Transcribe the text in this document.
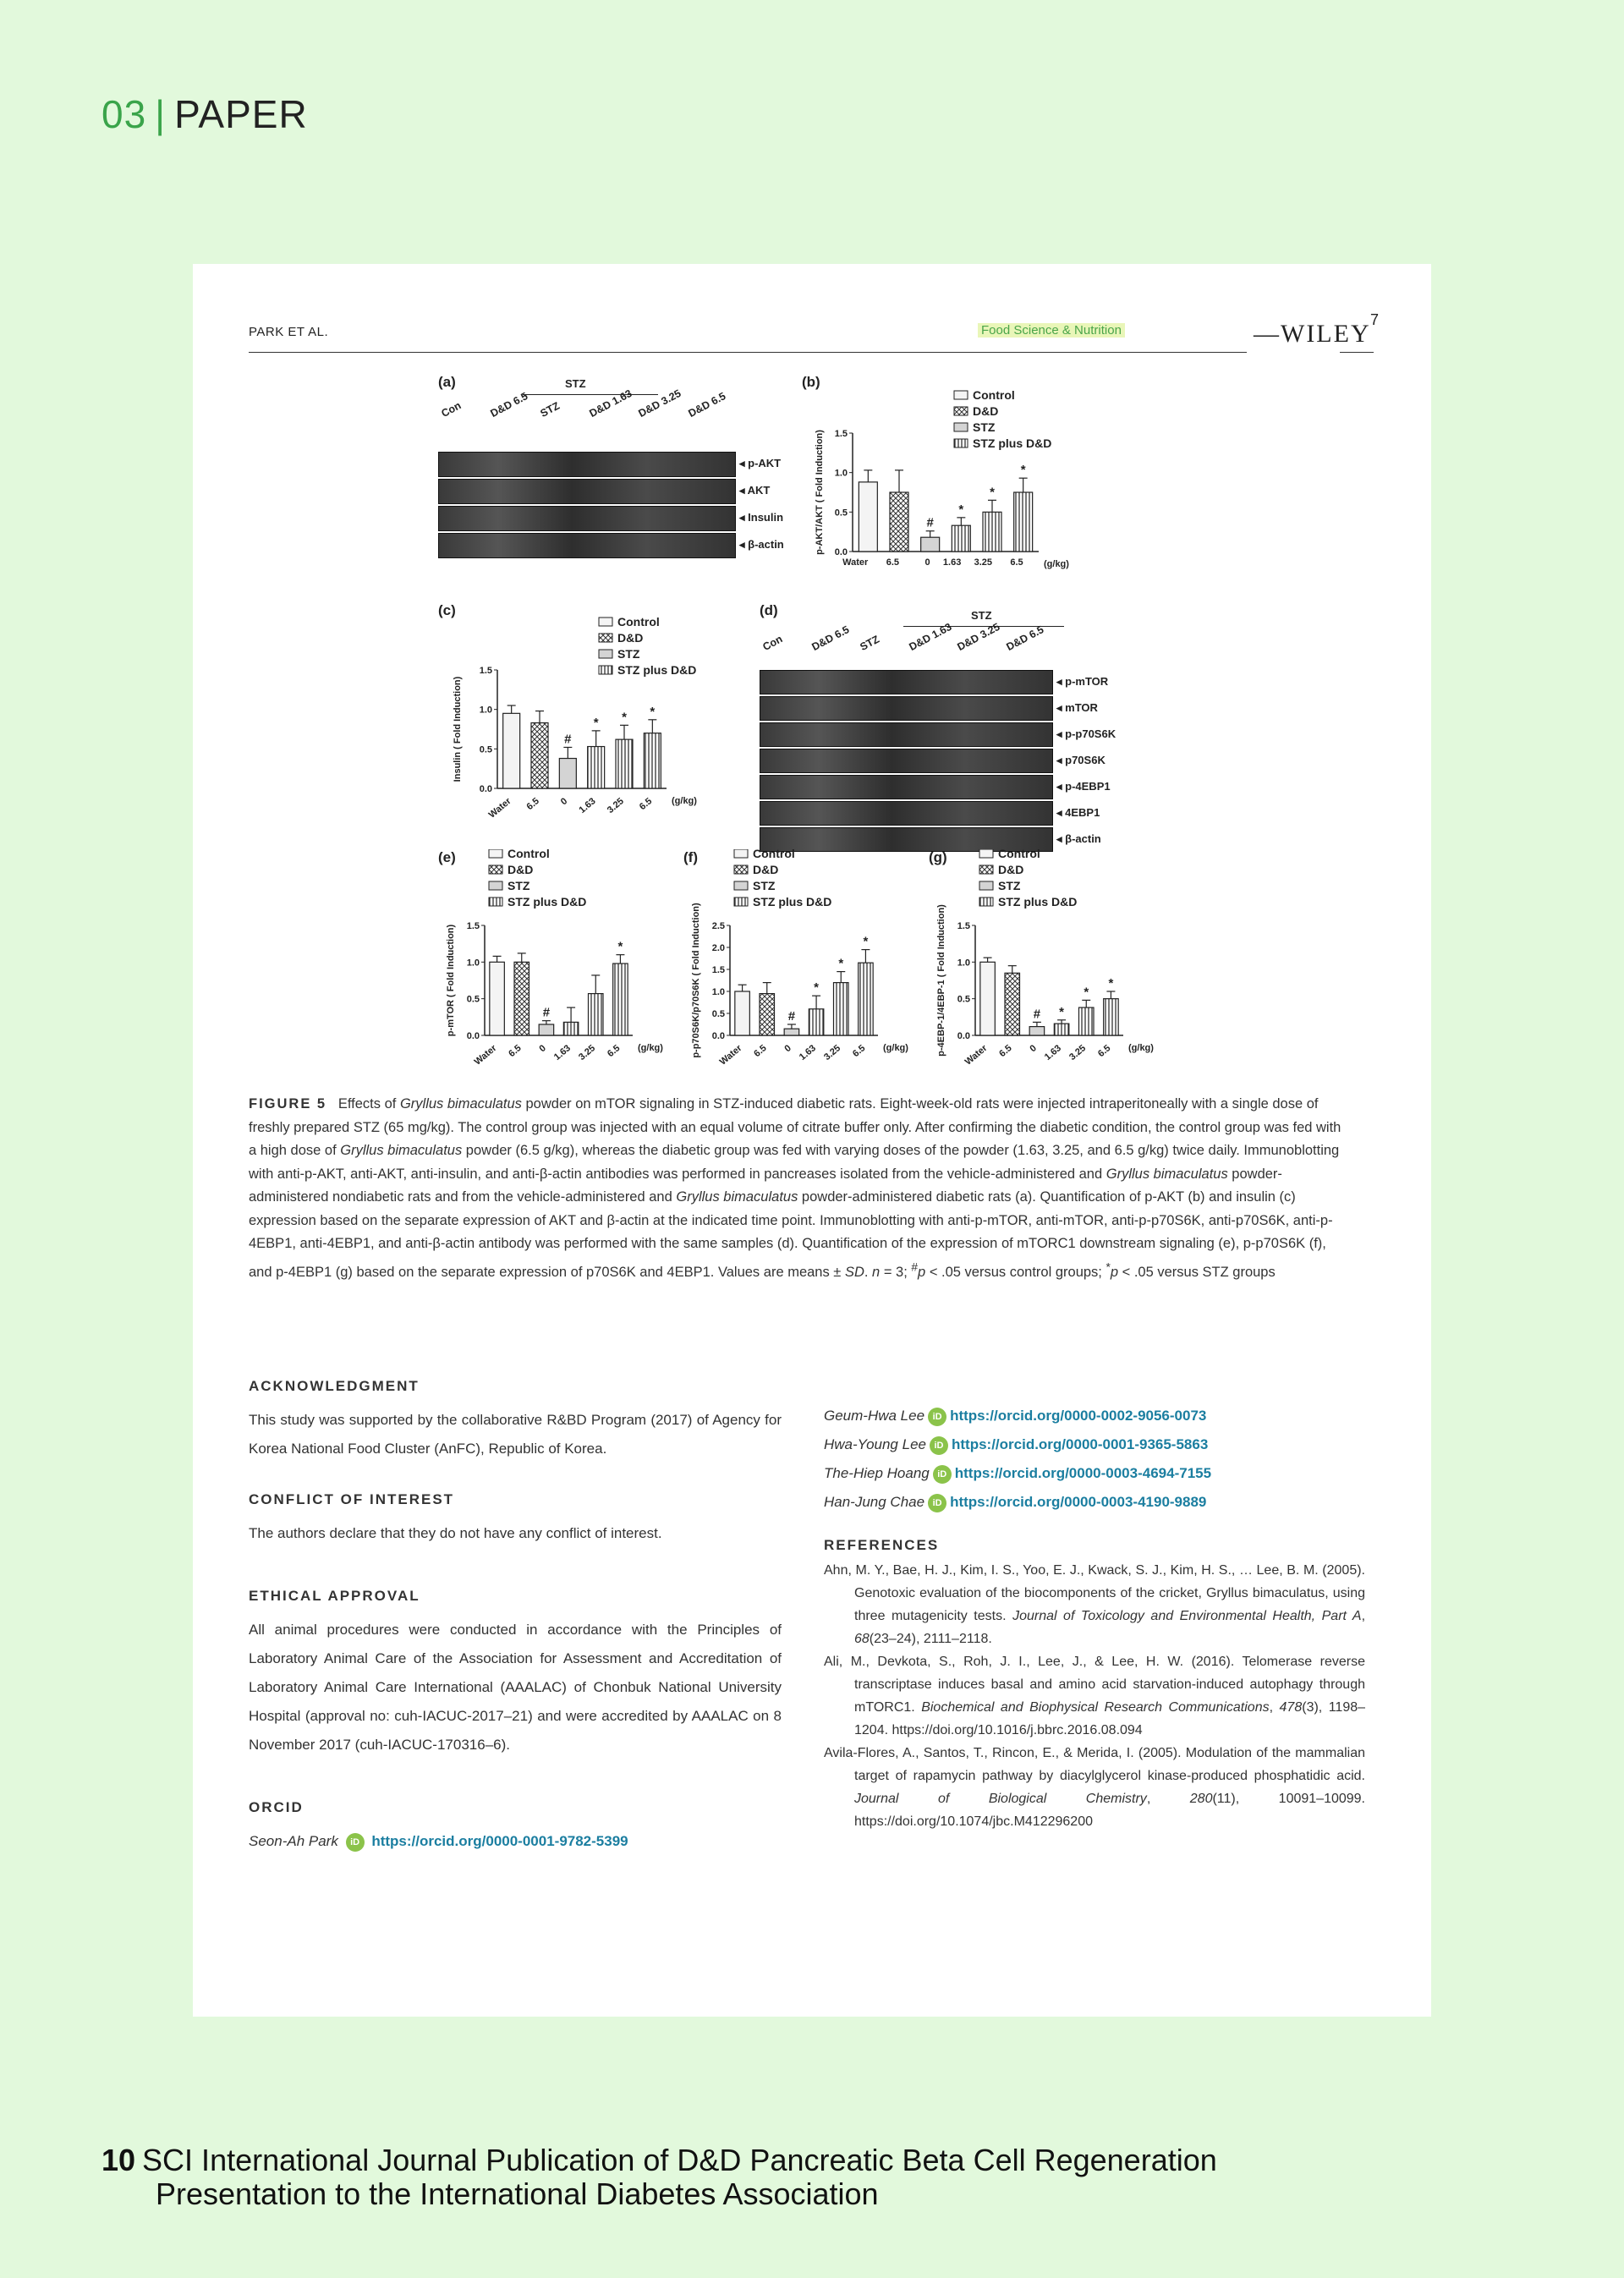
03 | PAPER
PARK ET AL.	Food Science & Nutrition	—WILEY 7
(a)	STZ
Con D&D 6.5 STZ D&D 1.63 D&D 3.25 D&D 6.5
◂ p-AKT
◂ AKT
◂ Insulin
◂ β-actin
(b)
0.0
0.5
1.0
1.5
p-AKT/AKT ( Fold Induction)
Water 6.5
#
0
*
1.63
*
3.25
*
6.5 (g/kg)
Control
D&D
STZ
STZ plus D&D
(c)
0.0
0.5
1.0
1.5
Insulin ( Fold Induction)
Water 6.5
#
0
*
1.63
*
3.25
*
6.5 (g/kg)
Control
D&D
STZ
STZ plus D&D
(d)	STZ
Con D&D 6.5 STZ D&D 1.63 D&D 3.25 D&D 6.5
◂ p-mTOR
◂ mTOR
◂ p-p70S6K
◂ p70S6K
◂ p-4EBP1
◂ 4EBP1
◂ β-actin
(e)
0.0
0.5
1.0
1.5
p-mTOR ( Fold Induction)
Water 6.5
#
0 1.63 3.25
*
6.5 (g/kg)
Control
D&D
STZ
STZ plus D&D
(f)
0.0
0.5
1.0
1.5
2.0
2.5
p-p70S6K/p70S6K ( Fold Induction) Water 6.5
#
0
*
1.63
*
3.25
*
6.5 (g/kg)
Control
D&D
STZ
STZ plus D&D
(g)
0.0
0.5
1.0
1.5
p-4EBP-1/4EBP-1 ( Fold Induction) Water 6.5
#
0
*
1.63
*
3.25
*
6.5 (g/kg)
Control
D&D
STZ
STZ plus D&D
FIGURE 5 Effects of Gryllus bimaculatus powder on mTOR signaling in STZ-induced diabetic rats. Eight-week-old rats were injected intraperitoneally with a single dose of freshly prepared STZ (65 mg/kg). The control group was injected with an equal volume of citrate buffer only. After confirming the diabetic condition, the control group was fed with a high dose of Gryllus bimaculatus powder (6.5 g/kg), whereas the diabetic group was fed with varying doses of the powder (1.63, 3.25, and 6.5 g/kg) twice daily. Immunoblotting with anti-p-AKT, anti-AKT, anti-insulin, and anti-β-actin antibodies was performed in pancreases isolated from the vehicle-administered and Gryllus bimaculatus powder-administered nondiabetic rats and from the vehicle-administered and Gryllus bimaculatus powder-administered diabetic rats (a). Quantification of p-AKT (b) and insulin (c) expression based on the separate expression of AKT and β-actin at the indicated time point. Immunoblotting with anti-p-mTOR, anti-mTOR, anti-p-p70S6K, anti-p70S6K, anti-p-4EBP1, anti-4EBP1, and anti-β-actin antibody was performed with the same samples (d). Quantification of the expression of mTORC1 downstream signaling (e), p-p70S6K (f), and p-4EBP1 (g) based on the separate expression of p70S6K and 4EBP1. Values are means ± SD. n = 3; #p < .05 versus control groups; *p < .05 versus STZ groups

ACKNOWLEDGMENT

This study was supported by the collaborative R&BD Program (2017) of Agency for Korea National Food Cluster (AnFC), Republic of Korea.

CONFLICT OF INTEREST

The authors declare that they do not have any conflict of interest.

ETHICAL APPROVAL

All animal procedures were conducted in accordance with the Principles of Laboratory Animal Care of the Association for Assessment and Accreditation of Laboratory Animal Care International (AAALAC) of Chonbuk National University Hospital (approval no: cuh-IACUC-2017–21) and were accredited by AAALAC on 8 November 2017 (cuh-IACUC-170316–6).

ORCID

Seon-Ah Park iD https://orcid.org/0000-0001-9782-5399
Geum-Hwa Lee iD https://orcid.org/0000-0002-9056-0073
Hwa-Young Lee iD https://orcid.org/0000-0001-9365-5863
The-Hiep Hoang iD https://orcid.org/0000-0003-4694-7155
Han-Jung Chae iD https://orcid.org/0000-0003-4190-9889

REFERENCES

Ahn, M. Y., Bae, H. J., Kim, I. S., Yoo, E. J., Kwack, S. J., Kim, H. S., … Lee, B. M. (2005). Genotoxic evaluation of the biocomponents of the cricket, Gryllus bimaculatus, using three mutagenicity tests. Journal of Toxicology and Environmental Health, Part A, 68(23–24), 2111–2118.

Ali, M., Devkota, S., Roh, J. I., Lee, J., & Lee, H. W. (2016). Telomerase reverse transcriptase induces basal and amino acid starvation-induced autophagy through mTORC1. Biochemical and Biophysical Research Communications, 478(3), 1198–1204. https://doi.org/10.1016/j.bbrc.2016.08.094

Avila-Flores, A., Santos, T., Rincon, E., & Merida, I. (2005). Modulation of the mammalian target of rapamycin pathway by diacylglycerol kinase-produced phosphatidic acid. Journal of Biological Chemistry, 280(11), 10091–10099. https://doi.org/10.1074/jbc.M412296200

10 SCI International Journal Publication of D&D Pancreatic Beta Cell Regeneration
Presentation to the International Diabetes Association
